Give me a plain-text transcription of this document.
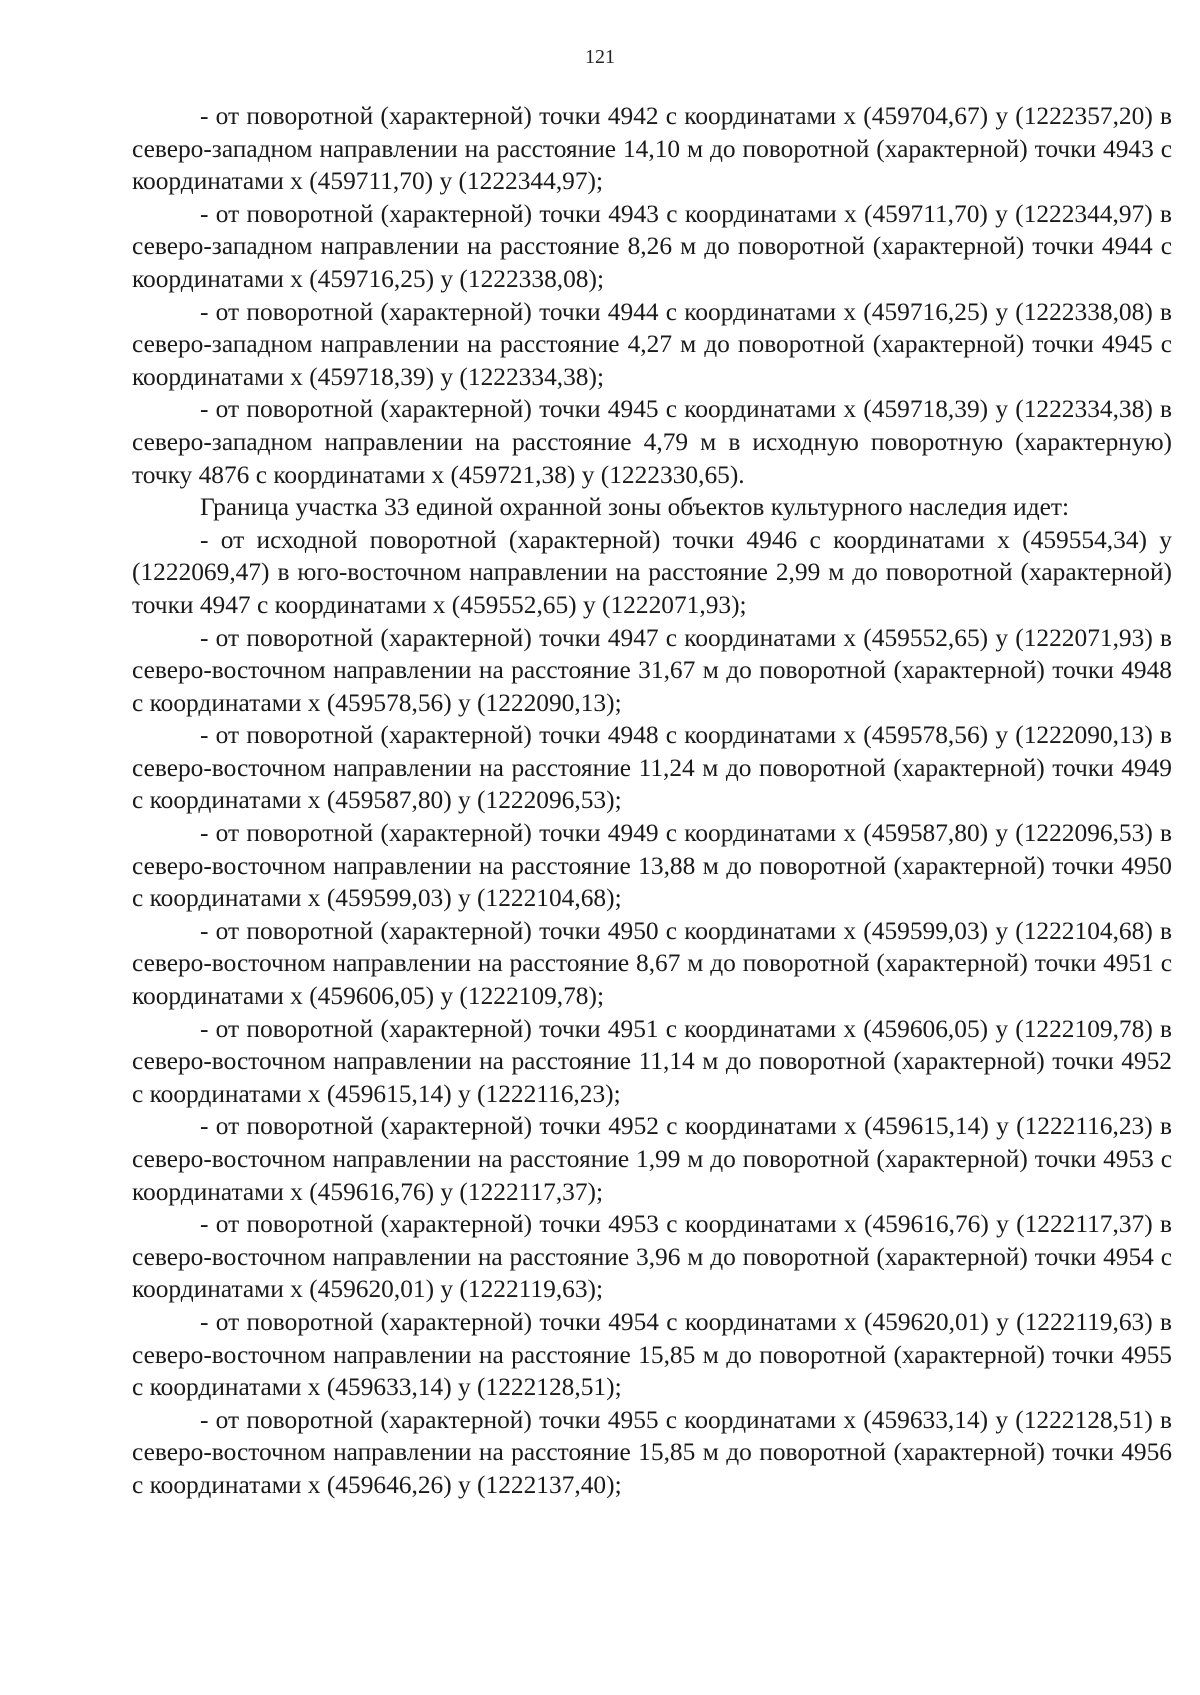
121

- от поворотной (характерной) точки 4942 с координатами x (459704,67) y (1222357,20) в северо-западном направлении на расстояние 14,10 м до поворотной (характерной) точки 4943 с координатами x (459711,70) y (1222344,97);

- от поворотной (характерной) точки 4943 с координатами x (459711,70) y (1222344,97) в северо-западном направлении на расстояние 8,26 м до поворотной (характерной) точки 4944 с координатами x (459716,25) y (1222338,08);

- от поворотной (характерной) точки 4944 с координатами x (459716,25) y (1222338,08) в северо-западном направлении на расстояние 4,27 м до поворотной (характерной) точки 4945 с координатами x (459718,39) y (1222334,38);

- от поворотной (характерной) точки 4945 с координатами x (459718,39) y (1222334,38) в северо-западном направлении на расстояние 4,79 м в исходную поворотную (характерную) точку 4876 с координатами x (459721,38) y (1222330,65).

Граница участка 33 единой охранной зоны объектов культурного наследия идет:

- от исходной поворотной (характерной) точки 4946 с координатами x (459554,34) y (1222069,47) в юго-восточном направлении на расстояние 2,99 м до поворотной (характерной) точки 4947 с координатами x (459552,65) y (1222071,93);

- от поворотной (характерной) точки 4947 с координатами x (459552,65) y (1222071,93) в северо-восточном направлении на расстояние 31,67 м до поворотной (характерной) точки 4948 с координатами x (459578,56) y (1222090,13);

- от поворотной (характерной) точки 4948 с координатами x (459578,56) y (1222090,13) в северо-восточном направлении на расстояние 11,24 м до поворотной (характерной) точки 4949 с координатами x (459587,80) y (1222096,53);

- от поворотной (характерной) точки 4949 с координатами x (459587,80) y (1222096,53) в северо-восточном направлении на расстояние 13,88 м до поворотной (характерной) точки 4950 с координатами x (459599,03) y (1222104,68);

- от поворотной (характерной) точки 4950 с координатами x (459599,03) y (1222104,68) в северо-восточном направлении на расстояние 8,67 м до поворотной (характерной) точки 4951 с координатами x (459606,05) y (1222109,78);

- от поворотной (характерной) точки 4951 с координатами x (459606,05) y (1222109,78) в северо-восточном направлении на расстояние 11,14 м до поворотной (характерной) точки 4952 с координатами x (459615,14) y (1222116,23);

- от поворотной (характерной) точки 4952 с координатами x (459615,14) y (1222116,23) в северо-восточном направлении на расстояние 1,99 м до поворотной (характерной) точки 4953 с координатами x (459616,76) y (1222117,37);

- от поворотной (характерной) точки 4953 с координатами x (459616,76) y (1222117,37) в северо-восточном направлении на расстояние 3,96 м до поворотной (характерной) точки 4954 с координатами x (459620,01) y (1222119,63);

- от поворотной (характерной) точки 4954 с координатами x (459620,01) y (1222119,63) в северо-восточном направлении на расстояние 15,85 м до поворотной (характерной) точки 4955 с координатами x (459633,14) y (1222128,51);

- от поворотной (характерной) точки 4955 с координатами x (459633,14) y (1222128,51) в северо-восточном направлении на расстояние 15,85 м до поворотной (характерной) точки 4956 с координатами x (459646,26) y (1222137,40);
